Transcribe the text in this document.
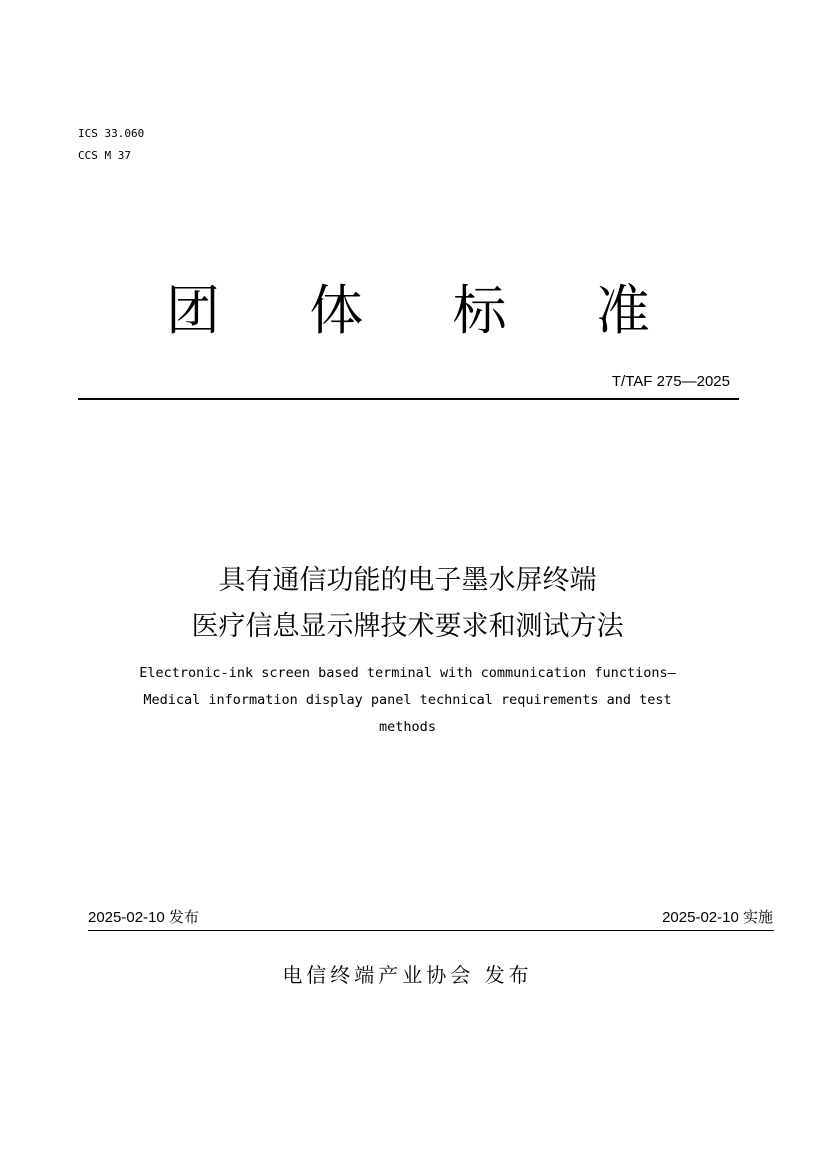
ICS 33.060
CCS M 37
团 体 标 准
T/TAF 275—2025
具有通信功能的电子墨水屏终端
医疗信息显示牌技术要求和测试方法
Electronic-ink screen based terminal with communication functions—
Medical information display panel technical requirements and test
methods
2025-02-10 发布	2025-02-10 实施
电信终端产业协会 发布
